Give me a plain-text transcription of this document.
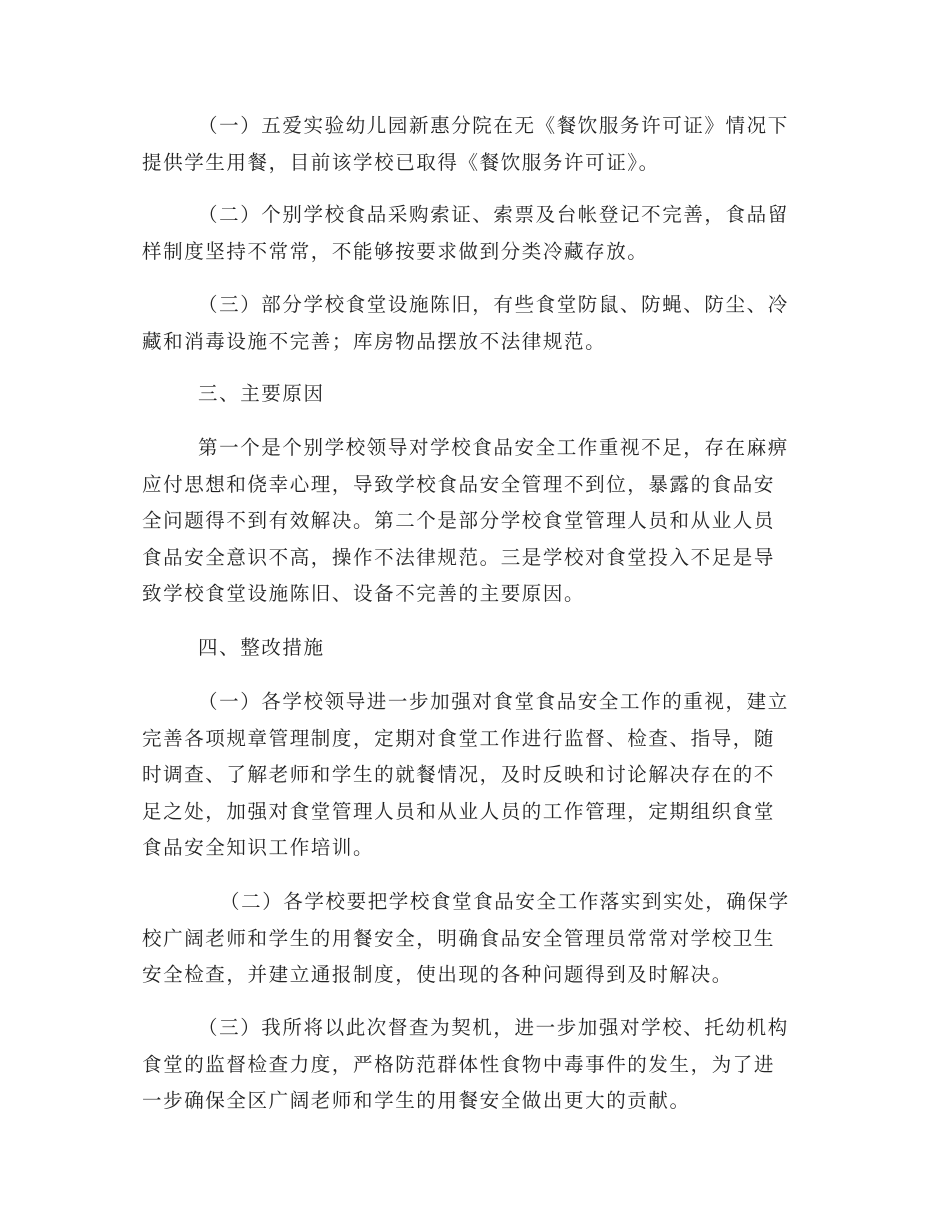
（一）五爱实验幼儿园新惠分院在无《餐饮服务许可证》情况下
提供学生用餐，目前该学校已取得《餐饮服务许可证》。
（二）个别学校食品采购索证、索票及台帐登记不完善，食品留
样制度坚持不常常，不能够按要求做到分类冷藏存放。
（三）部分学校食堂设施陈旧，有些食堂防鼠、防蝇、防尘、冷
藏和消毒设施不完善；库房物品摆放不法律规范。

三、主要原因

第一个是个别学校领导对学校食品安全工作重视不足，存在麻痹
应付思想和侥幸心理，导致学校食品安全管理不到位，暴露的食品安
全问题得不到有效解决。第二个是部分学校食堂管理人员和从业人员
食品安全意识不高，操作不法律规范。三是学校对食堂投入不足是导
致学校食堂设施陈旧、设备不完善的主要原因。

四、整改措施

（一）各学校领导进一步加强对食堂食品安全工作的重视，建立
完善各项规章管理制度，定期对食堂工作进行监督、检查、指导，随
时调查、了解老师和学生的就餐情况，及时反映和讨论解决存在的不
足之处，加强对食堂管理人员和从业人员的工作管理，定期组织食堂
食品安全知识工作培训。
（二）各学校要把学校食堂食品安全工作落实到实处，确保学
校广阔老师和学生的用餐安全，明确食品安全管理员常常对学校卫生
安全检查，并建立通报制度，使出现的各种问题得到及时解决。
（三）我所将以此次督查为契机，进一步加强对学校、托幼机构
食堂的监督检查力度，严格防范群体性食物中毒事件的发生，为了进
一步确保全区广阔老师和学生的用餐安全做出更大的贡献。
